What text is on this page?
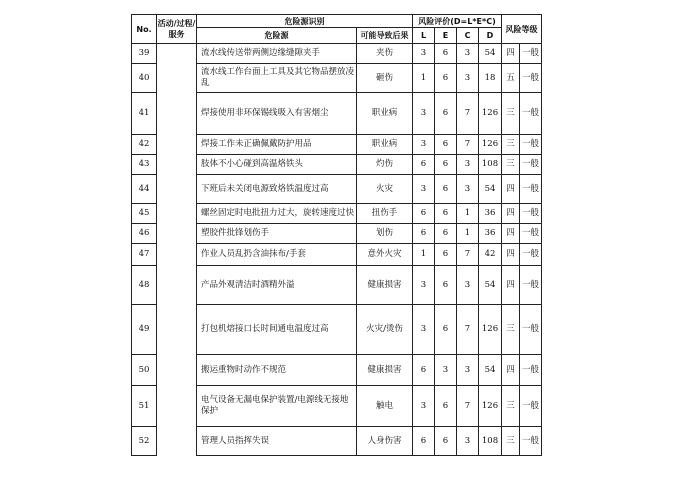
No.	活动/过程/服务	危险源识别		风险评价(D=L*E*C)				风险等级	
		危险源	可能导致后果	L	E	C	D		
39		流水线传送带两侧边缘缝隙夹手	夹伤	3	6	3	54	四	一般
40		流水线工作台面上工具及其它物品摆放凌乱	砸伤	1	6	3	18	五	一般
41		焊接使用非环保锡线吸入有害烟尘	职业病	3	6	7	126	三	一般
42		焊接工作未正确佩戴防护用品	职业病	3	6	7	126	三	一般
43		肢体不小心碰到高温烙铁头	灼伤	6	6	3	108	三	一般
44		下班后未关闭电源致烙铁温度过高	火灾	3	6	3	54	四	一般
45		螺丝固定时电批扭力过大，旋转速度过快	扭伤手	6	6	1	36	四	一般
46		塑胶件批锋划伤手	划伤	6	6	1	36	四	一般
47		作业人员乱扔含油抹布/手套	意外火灾	1	6	7	42	四	一般
48		产品外观清洁时酒精外溢	健康损害	3	6	3	54	四	一般
49		打包机熔接口长时间通电温度过高	火灾/烫伤	3	6	7	126	三	一般
50		搬运重物时动作不规范	健康损害	6	3	3	54	四	一般
51		电气设备无漏电保护装置/电源线无接地保护	触电	3	6	7	126	三	一般
52		管理人员指挥失误	人身伤害	6	6	3	108	三	一般
